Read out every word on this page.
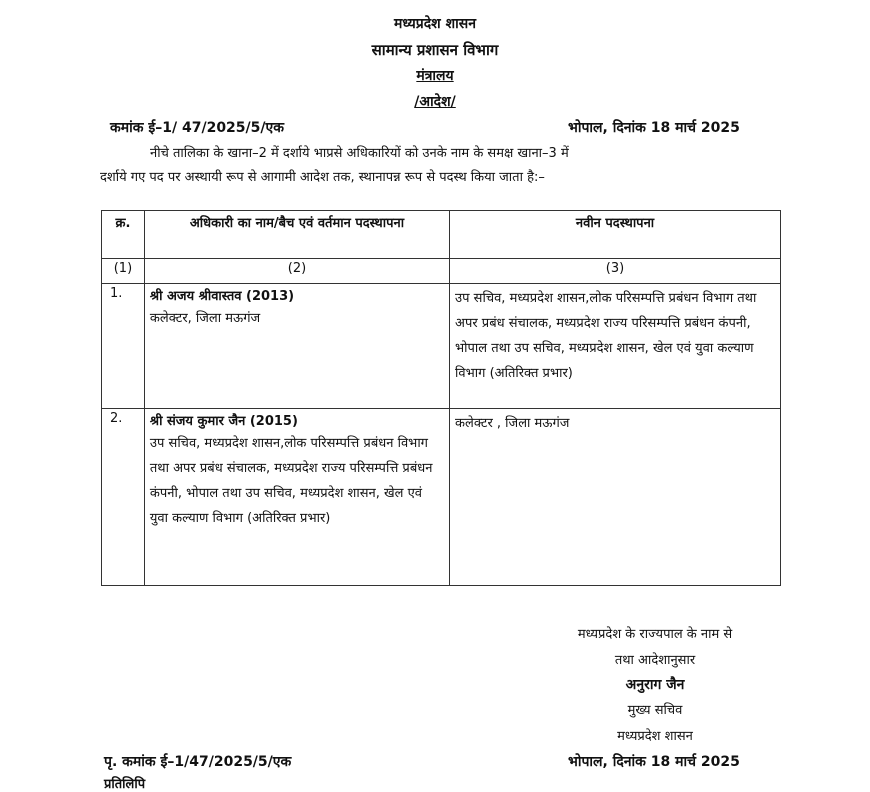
मध्यप्रदेश शासन
सामान्य प्रशासन विभाग
मंत्रालय
/आदेश/
कमांक ई–1/ 47/2025/5/एक	भोपाल, दिनांक 18 मार्च 2025
नीचे तालिका के खाना–2 में दर्शाये भाप्रसे अधिकारियों को उनके नाम के समक्ष खाना–3 में
दर्शाये गए पद पर अस्थायी रूप से आगामी आदेश तक, स्थानापन्न रूप से पदस्थ किया जाता है:–
क्र.	अधिकारी का नाम/बैच एवं वर्तमान पदस्थापना	नवीन पदस्थापना
(1)	(2)	(3)
1.	श्री अजय श्रीवास्तव (2013)
कलेक्टर, जिला मऊगंज	उप सचिव, मध्यप्रदेश शासन,लोक परिसम्पत्ति प्रबंधन विभाग तथा अपर प्रबंध संचालक, मध्यप्रदेश राज्य परिसम्पत्ति प्रबंधन कंपनी, भोपाल तथा उप सचिव, मध्यप्रदेश शासन, खेल एवं युवा कल्याण विभाग (अतिरिक्त प्रभार)

2.	श्री संजय कुमार जैन (2015)
उप सचिव, मध्यप्रदेश शासन,लोक परिसम्पत्ति प्रबंधन विभाग तथा अपर प्रबंध संचालक, मध्यप्रदेश राज्य परिसम्पत्ति प्रबंधन कंपनी, भोपाल तथा उप सचिव, मध्यप्रदेश शासन, खेल एवं युवा कल्याण विभाग (अतिरिक्त प्रभार)	कलेक्टर , जिला मऊगंज
मध्यप्रदेश के राज्यपाल के नाम से
तथा आदेशानुसार
अनुराग जैन
मुख्य सचिव
मध्यप्रदेश शासन
पृ. कमांक ई–1/47/2025/5/एक	भोपाल, दिनांक 18 मार्च 2025
प्रतिलिपि
